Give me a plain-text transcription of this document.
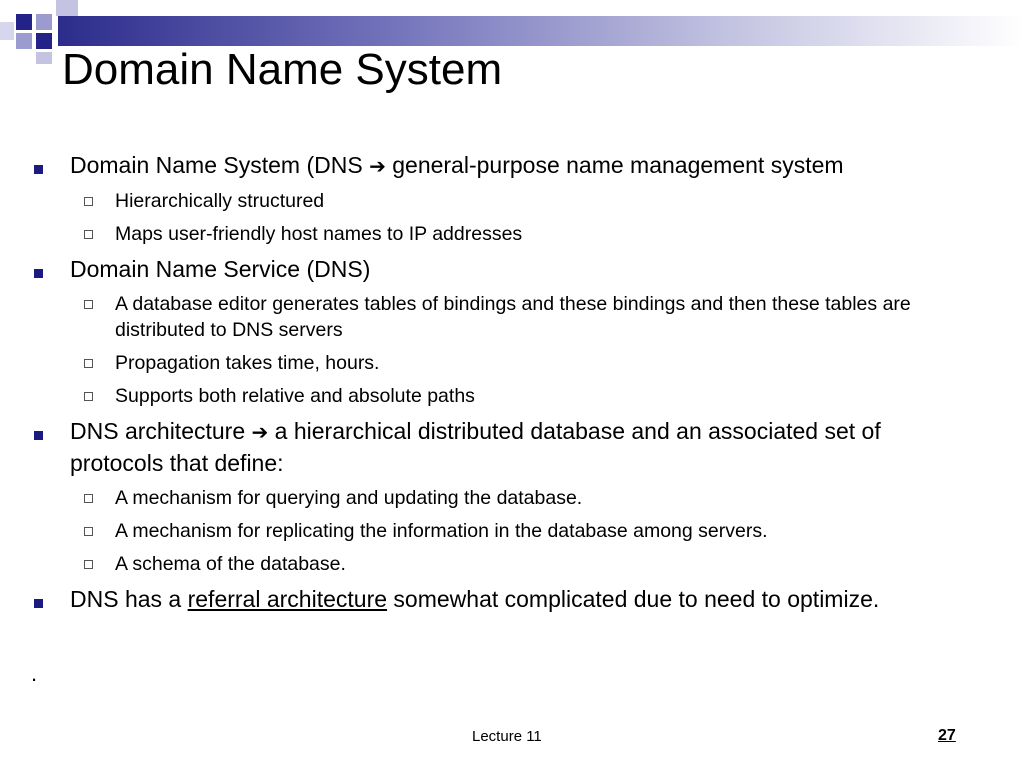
Domain Name System
Domain Name System (DNS ➔ general-purpose name management system
Hierarchically structured
Maps user-friendly host names to IP addresses
Domain Name Service (DNS)
A database editor generates tables of bindings and these bindings and then these tables are distributed to DNS servers
Propagation takes time, hours.
Supports both relative and absolute paths
DNS architecture ➔ a hierarchical distributed database and an associated set of protocols that define:
A mechanism for querying and updating the database.
A mechanism for replicating the information in the database among servers.
A schema of the database.
DNS has a referral architecture somewhat complicated due to need to optimize.
.
Lecture 11	27
